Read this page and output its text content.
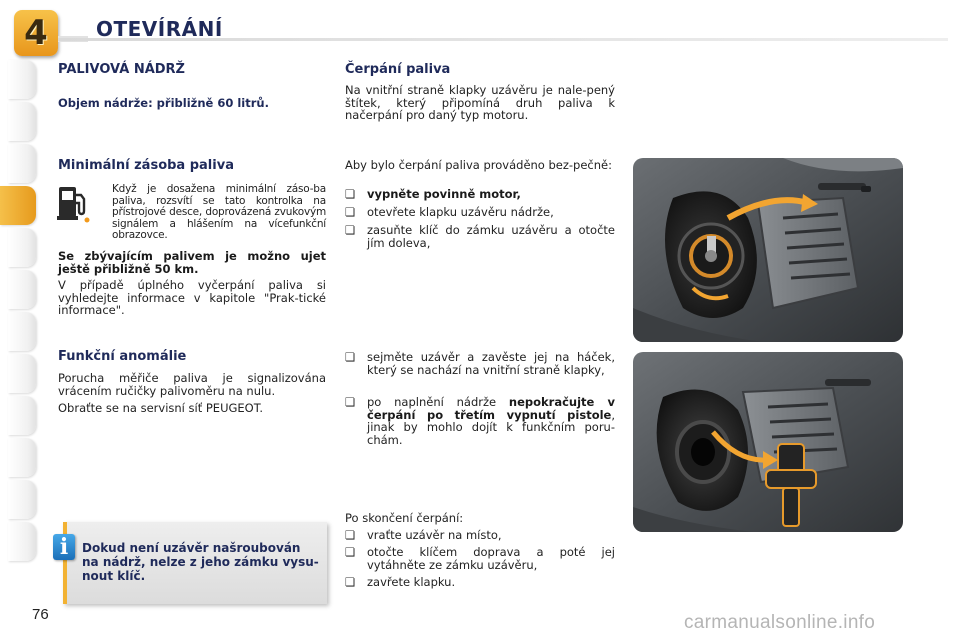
4 OTEVÍRÁNÍ
PALIVOVÁ NÁDRŽ
Objem nádrže: přibližně 60 litrů.
Minimální zásoba paliva
Když je dosažena minimální záso-ba paliva, rozsvítí se tato kontrolka na přístrojové desce, doprovázená zvukovým signálem a hlášením na vícefunkční obrazovce.
Se zbývajícím palivem je možno ujet ještě přibližně 50 km.
V případě úplného vyčerpání paliva si vyhledejte informace v kapitole "Prak-tické informace".
Funkční anomálie
Porucha měřiče paliva je signalizována vrácením ručičky palivoměru na nulu.
Obraťte se na servisní síť PEUGEOT.
i	Dokud není uzávěr našroubován na nádrž, nelze z jeho zámku vysu-nout klíč.
Čerpání paliva
Na vnitřní straně klapky uzávěru je nale-pený štítek, který připomíná druh paliva k načerpání pro daný typ motoru.
Aby bylo čerpání paliva prováděno bez-pečně:
❏ vypněte povinně motor,
❏ otevřete klapku uzávěru nádrže,
❏ zasuňte klíč do zámku uzávěru a otočte jím doleva,
❏ sejměte uzávěr a zavěste jej na háček, který se nachází na vnitřní straně klapky,
❏ po naplnění nádrže nepokračujte v čerpání po třetím vypnutí pistole, jinak by mohlo dojít k funkčním poru-chám.
Po skončení čerpání:
❏ vraťte uzávěr na místo,
❏ otočte klíčem doprava a poté jej vytáhněte ze zámku uzávěru,
❏ zavřete klapku.
76	carmanualsonline.info
